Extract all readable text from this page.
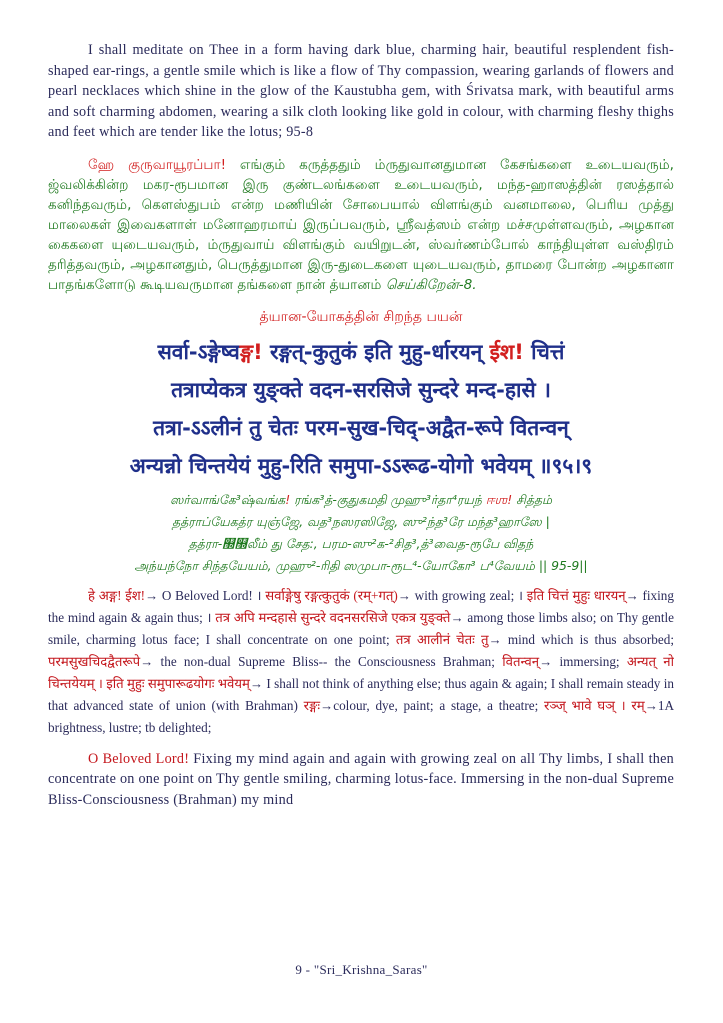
I shall meditate on Thee in a form having dark blue, charming hair, beautiful resplendent fish-shaped ear-rings, a gentle smile which is like a flow of Thy compassion, wearing garlands of flowers and pearl necklaces which shine in the glow of the Kaustubha gem, with Śrivatsa mark, with beautiful arms and soft charming abdomen, wearing a silk cloth looking like gold in colour, with charming fleshy thighs and feet which are tender like the lotus; 95-8

ஹே குருவாயூரப்பா! எங்கும் கருத்ததும் ம்ருதுவானதுமான கேசங்களை உடையவரும், ஜ்வலிக்கின்ற மகர-ரூபமான இரு குண்டலங்களை உடையவரும், மந்த-ஹாஸத்தின் ரஸத்தால் கனிந்தவரும், கௌஸ்துபம் என்ற மணியின் சோபையால் விளங்கும் வனமாலை, பெரிய முத்து மாலைகள் இவைகளாள் மனோஹரமாய் இருப்பவரும், ஸ்ரீவத்ஸம் என்ற மச்சமுள்ளவரும், அழகான கைகளை யுடையவரும், ம்ருதுவாய் விளங்கும் வயிறுடன், ஸ்வர்ணம்போல் காந்தியுள்ள வஸ்திரம் தரித்தவரும், அழகானதும், பெருத்துமான இரு-துடைகளை யுடையவரும், தாமரை போன்ற அழகானா பாதங்களோடு கூடியவருமான தங்களை நான் த்யானம் செய்கிறேன்-8.

த்யான-யோகத்தின் சிறந்த பயன்

सर्वा-ऽङ्गेष्वङ्ग! रङ्गत्-कुतुकं इति मुहु-र्धारयन् ईश! चित्तं

तत्राप्येकत्र युङ्क्ते वदन-सरसिजे सुन्दरे मन्द-हासे ।

तत्रा-ऽऽलीनं तु चेतः परम-सुख-चिद्-अद्वैत-रूपे वितन्वन्

अन्यन्नो चिन्तयेयं मुहु-रिति समुपा-ऽऽरूढ-योगो भवेयम् ॥९५।९

ஸர்வாங்கே³ஷ்வங்க! ரங்க³த்-குதுகமதி முஹு³ர்தா⁴ரயந் ஈஶ! சித்தம்
தத்ராப்யேகத்ர யுஞ்ஜே, வத³நஸரஸிஜே, ஸு²ந்த³ரே மந்த³ஹாஸே |
தத்ரா-஽஽லீம் து சேத:, பரம-ஸு²க-²சித³,த்³வைத-ரூபே விதந்
அந்யந்நோ சிந்தயேயம், முஹு²-ரிதி ஸமுபா-ரூட⁴-யோகோ³ ப⁴வேயம் || 95-9||

हे अङ्ग! ईश!→ O Beloved Lord! । सर्वाङ्गेषु रङ्गत्कुतुकं (रम्+गत्)→ with growing zeal; । इति चित्तं मुहुः धारयन्→ fixing the mind again & again thus; । तत्र अपि मन्दहासे सुन्दरे वदनसरसिजे एकत्र युङ्क्ते→ among those limbs also; on Thy gentle smile, charming lotus face; I shall concentrate on one point; तत्र आलीनं चेतः तु→ mind which is thus absorbed; परमसुखचिदद्वैतरूपे→ the non-dual Supreme Bliss-- the Consciousness Brahman; वितन्वन्→ immersing; अन्यत् नो चिन्तयेयम् । इति मुहुः समुपारूढयोगः भवेयम्→ I shall not think of anything else; thus again & again; I shall remain steady in that advanced state of union (with Brahman) रङ्गः→colour, dye, paint; a stage, a theatre; रञ्ज् भावे घञ् । रम्→1A brightness, lustre; tb delighted;

O Beloved Lord! Fixing my mind again and again with growing zeal on all Thy limbs, I shall then concentrate on one point on Thy gentle smiling, charming lotus-face. Immersing in the non-dual Supreme Bliss-Consciousness (Brahman) my mind

9 - "Sri_Krishna_Saras"
